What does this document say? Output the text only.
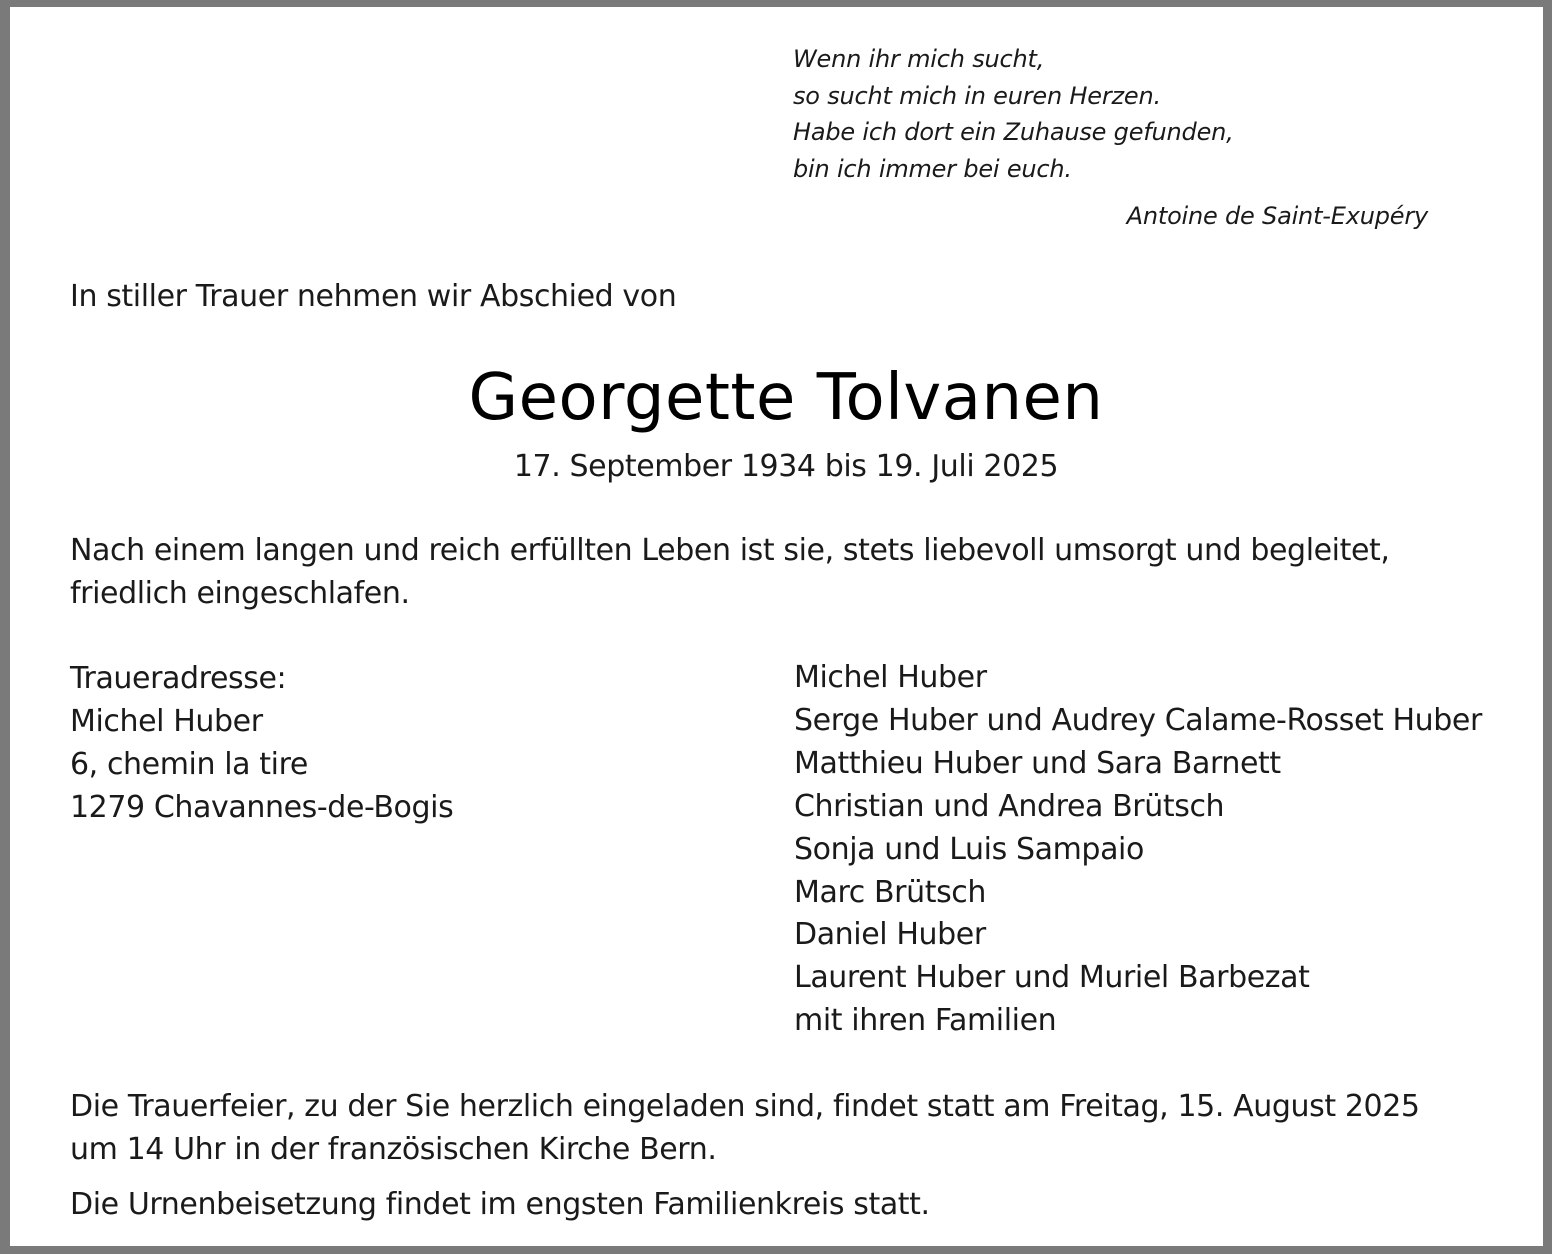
Wenn ihr mich sucht,
so sucht mich in euren Herzen.
Habe ich dort ein Zuhause gefunden,
bin ich immer bei euch.
Antoine de Saint-Exupéry
In stiller Trauer nehmen wir Abschied von
Georgette Tolvanen
17. September 1934 bis 19. Juli 2025
Nach einem langen und reich erfüllten Leben ist sie, stets liebevoll umsorgt und begleitet,
friedlich eingeschlafen.
Traueradresse:
Michel Huber
6, chemin la tire
1279 Chavannes-de-Bogis
Michel Huber
Serge Huber und Audrey Calame-Rosset Huber
Matthieu Huber und Sara Barnett
Christian und Andrea Brütsch
Sonja und Luis Sampaio
Marc Brütsch
Daniel Huber
Laurent Huber und Muriel Barbezat
mit ihren Familien
Die Trauerfeier, zu der Sie herzlich eingeladen sind, findet statt am Freitag, 15. August 2025
um 14 Uhr in der französischen Kirche Bern.
Die Urnenbeisetzung findet im engsten Familienkreis statt.
